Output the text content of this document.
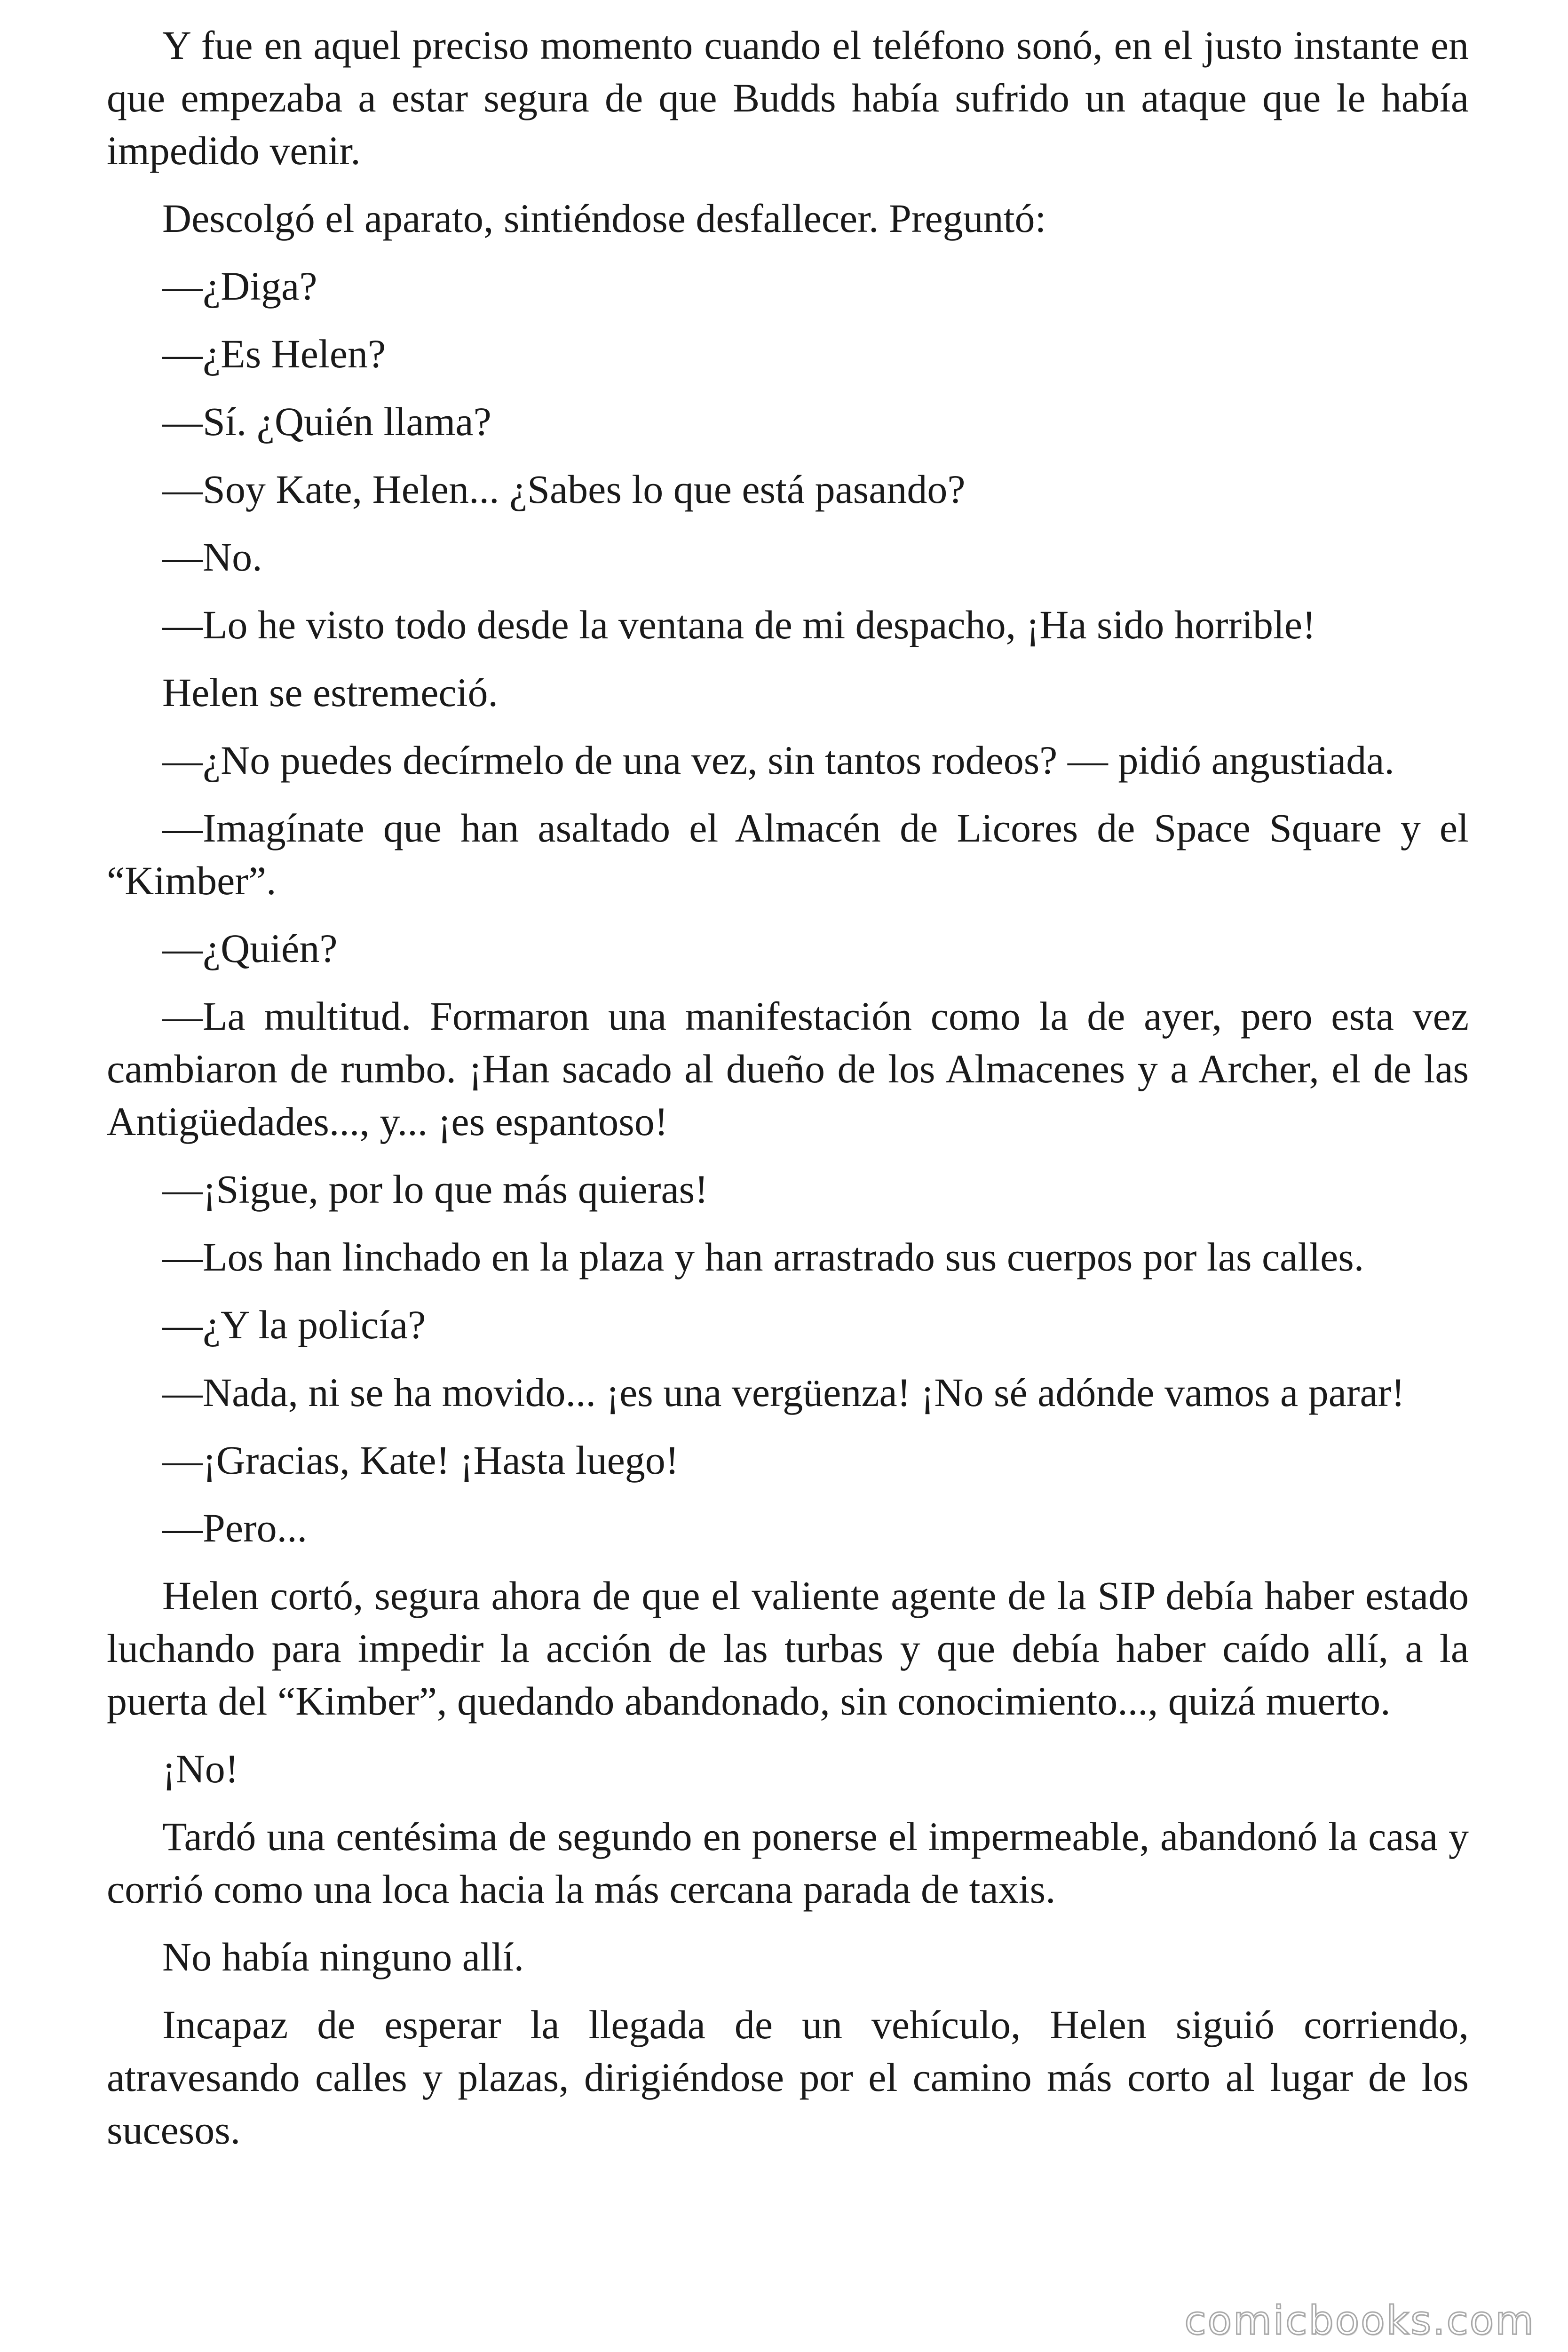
Y fue en aquel preciso momento cuando el teléfono sonó, en el justo instante en que empezaba a estar segura de que Budds había sufrido un ataque que le había impedido venir.

Descolgó el aparato, sintiéndose desfallecer. Preguntó:

—¿Diga?

—¿Es Helen?

—Sí. ¿Quién llama?

—Soy Kate, Helen... ¿Sabes lo que está pasando?

—No.

—Lo he visto todo desde la ventana de mi despacho, ¡Ha sido horrible!

Helen se estremeció.

—¿No puedes decírmelo de una vez, sin tantos rodeos? — pidió angustiada.

—Imagínate que han asaltado el Almacén de Licores de Space Square y el “Kimber”.

—¿Quién?

—La multitud. Formaron una manifestación como la de ayer, pero esta vez cambiaron de rumbo. ¡Han sacado al dueño de los Almacenes y a Archer, el de las Antigüedades..., y... ¡es espantoso!

—¡Sigue, por lo que más quieras!

—Los han linchado en la plaza y han arrastrado sus cuerpos por las calles.

—¿Y la policía?

—Nada, ni se ha movido... ¡es una vergüenza! ¡No sé adónde vamos a parar!

—¡Gracias, Kate! ¡Hasta luego!

—Pero...

Helen cortó, segura ahora de que el valiente agente de la SIP debía haber estado luchando para impedir la acción de las turbas y que debía haber caído allí, a la puerta del “Kimber”, quedando abandonado, sin conocimiento..., quizá muerto.

¡No!

Tardó una centésima de segundo en ponerse el impermeable, abandonó la casa y corrió como una loca hacia la más cercana parada de taxis.

No había ninguno allí.

Incapaz de esperar la llegada de un vehículo, Helen siguió corriendo, atravesando calles y plazas, dirigiéndose por el camino más corto al lugar de los sucesos.

comicbooks.com
